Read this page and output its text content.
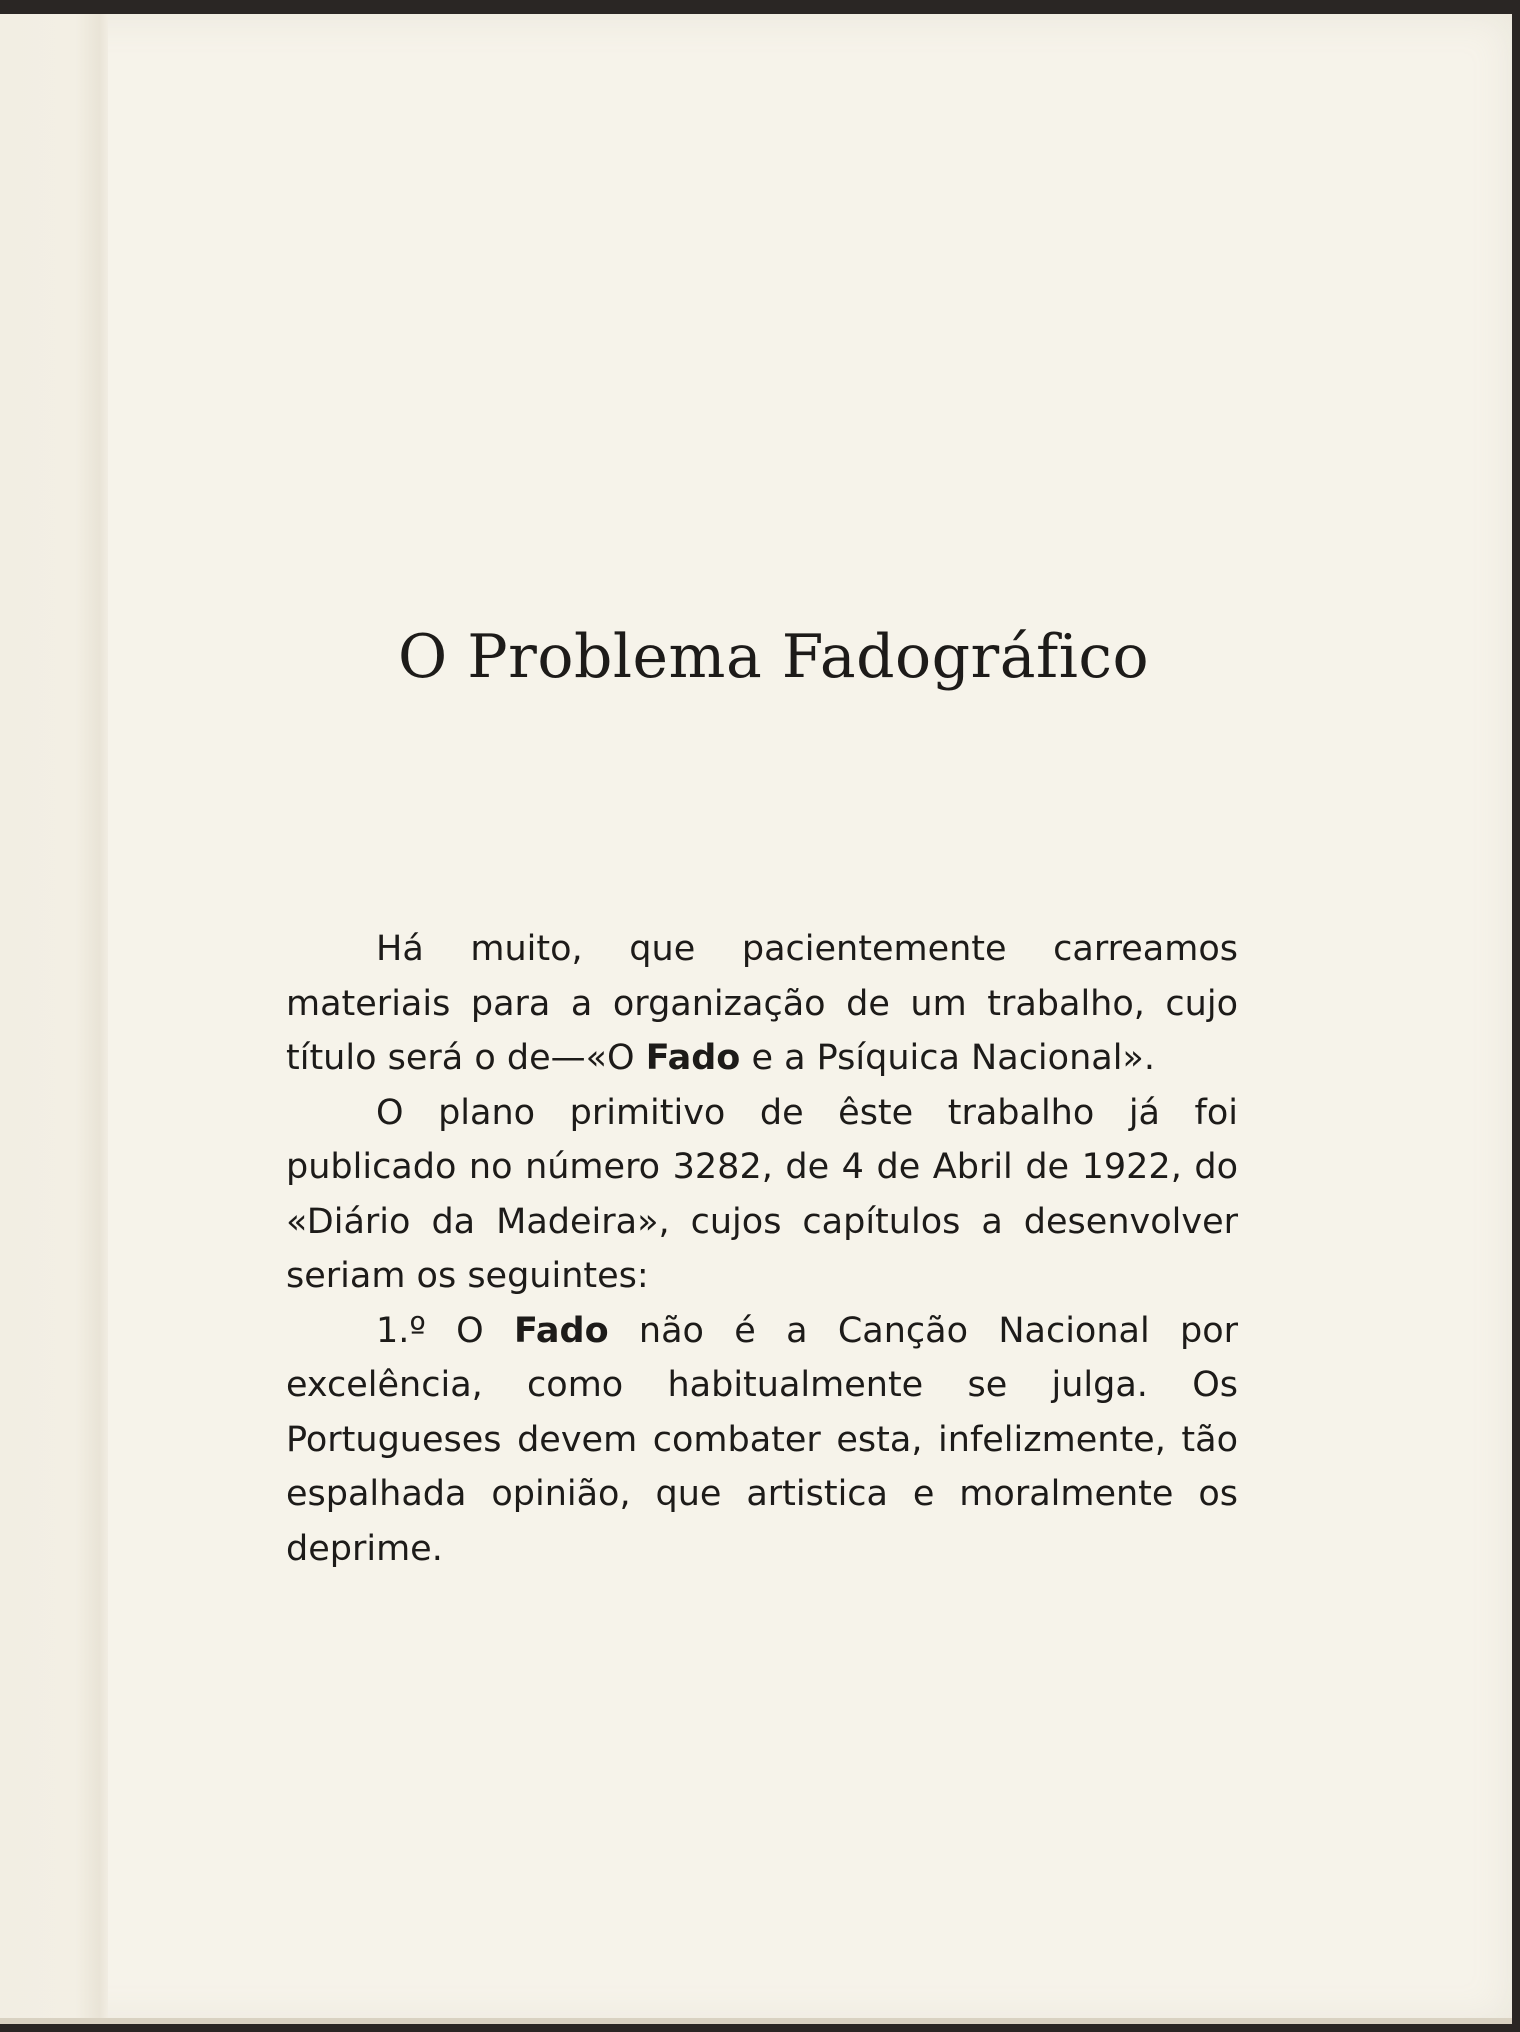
O Problema Fadográfico

Há muito, que pacientemente carreamos materiais para a organização de um trabalho, cujo título será o de—«O Fado e a Psíquica Nacional».

O plano primitivo de êste trabalho já foi publicado no número 3282, de 4 de Abril de 1922, do «Diário da Madeira», cujos capítulos a desenvolver seriam os seguintes:

1.º O Fado não é a Canção Nacional por excelência, como habitualmente se julga. Os Portugueses devem combater esta, infelizmente, tão espalhada opinião, que artistica e moralmente os deprime.
